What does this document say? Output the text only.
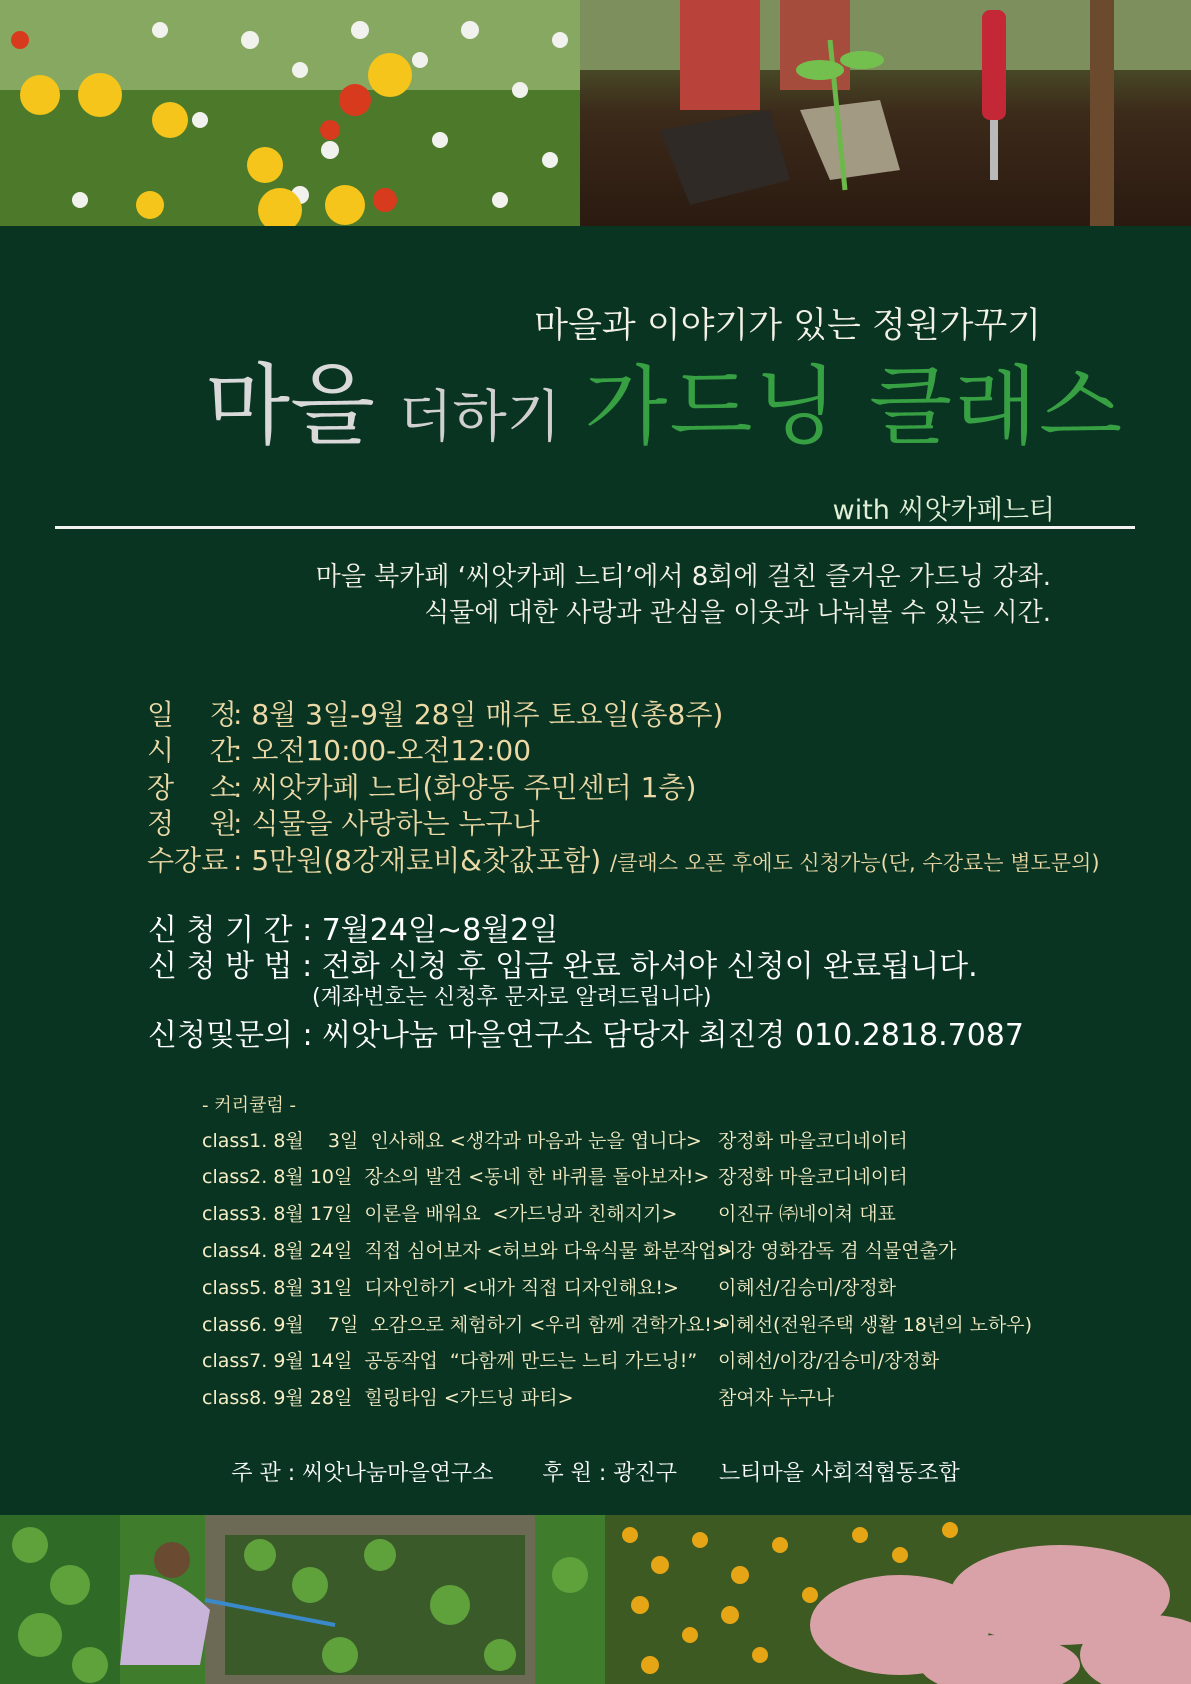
마을과 이야기가 있는 정원가꾸기

마을 더하기 가드닝 클래스

with 씨앗카페느티

마을 북카페 ‘씨앗카페 느티’에서 8회에 걸친 즐거운 가드닝 강좌.

식물에 대한 사랑과 관심을 이웃과 나눠볼 수 있는 시간.

일    정: 8월 3일-9월 28일 매주 토요일(총8주)

시    간: 오전10:00-오전12:00

장    소: 씨앗카페 느티(화양동 주민센터 1층)

정    원: 식물을 사랑하는 누구나

수강료 : 5만원(8강재료비&찻값포함) /클래스 오픈 후에도 신청가능(단, 수강료는 별도문의)

신 청 기 간 : 7월24일~8월2일

신 청 방 법 : 전화 신청 후 입금 완료 하셔야 신청이 완료됩니다.

(계좌번호는 신청후 문자로 알려드립니다)

신청및문의 : 씨앗나눔 마을연구소 담당자 최진경 010.2818.7087

- 커리큘럼 -

class1. 8월    3일  인사해요 <생각과 마음과 눈을 엽니다> 장정화 마을코디네이터
class2. 8월 10일  장소의 발견 <동네 한 바퀴를 돌아보자!> 장정화 마을코디네이터
class3. 8월 17일  이론을 배워요  <가드닝과 친해지기> 이진규 ㈜네이쳐 대표
class4. 8월 24일  직접 심어보자 <허브와 다육식물 화분작업>
이강 영화감독 겸 식물연출가
class5. 8월 31일  디자인하기 <내가 직접 디자인해요!> 이혜선/김승미/장정화
class6. 9월    7일  오감으로 체험하기 <우리 함께 견학가요!>
이혜선(전원주택 생활 18년의 노하우)
class7. 9월 14일  공동작업  “다함께 만드는 느티 가드닝!” 이혜선/이강/김승미/장정화
class8. 9월 28일  힐링타임 <가드닝 파티>	참여자 누구나

주 관 : 씨앗나눔마을연구소       후 원 : 광진구      느티마을 사회적협동조합
